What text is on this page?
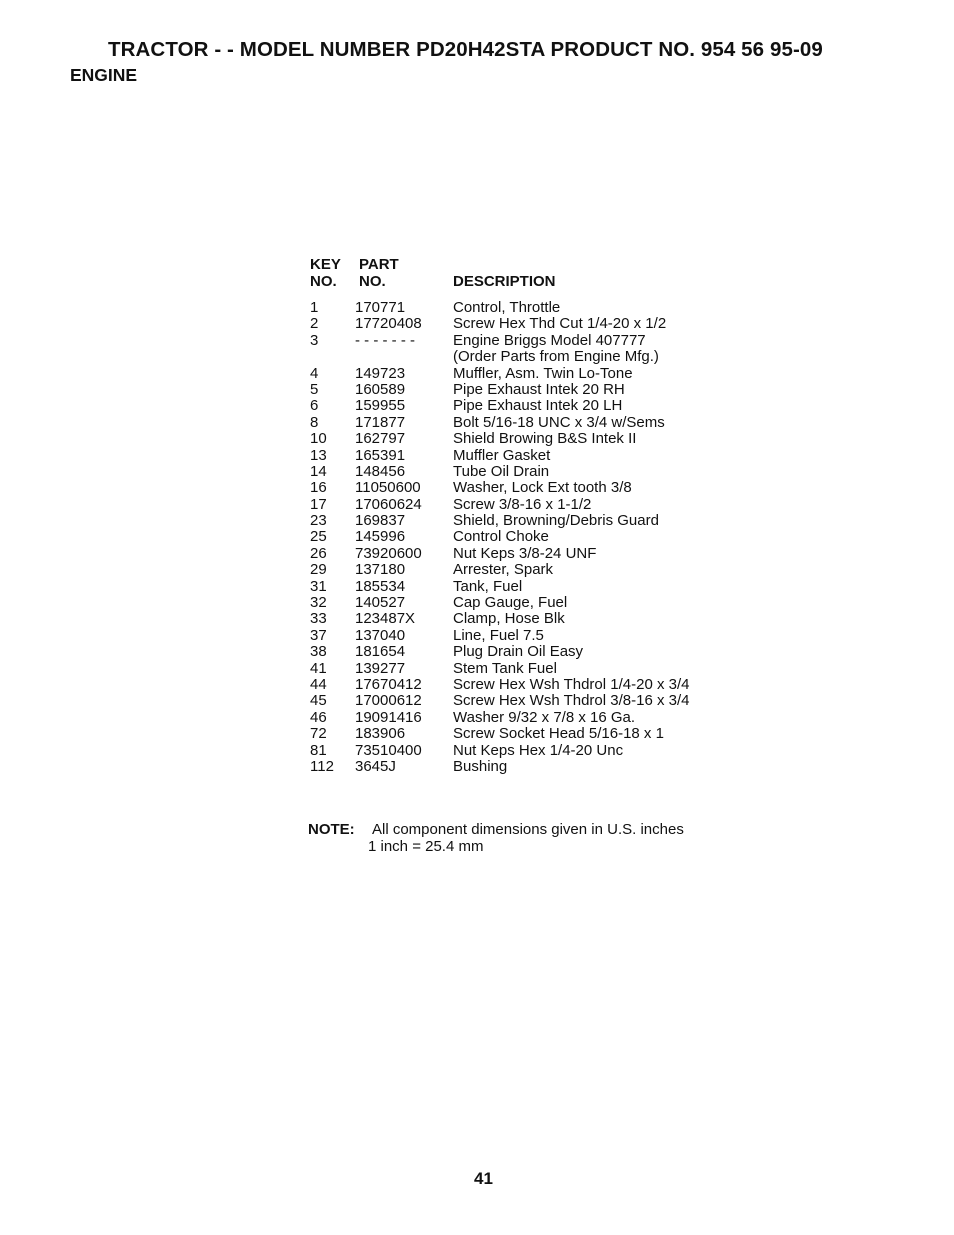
TRACTOR - - MODEL NUMBER PD20H42STA PRODUCT NO. 954 56 95-09
ENGINE
KEY
NO.
PART
NO.	DESCRIPTION
1 170771	Control, Throttle
2 17720408 Screw Hex Thd Cut 1/4-20 x 1/2
3 - - - - - - -	Engine Briggs Model 407777
(Order Parts from Engine Mfg.)
4 149723	Muffler, Asm. Twin Lo-Tone
5 160589	Pipe Exhaust Intek 20 RH
6 159955	Pipe Exhaust Intek 20 LH
8 171877	Bolt 5/16-18 UNC x 3/4 w/Sems
10 162797	Shield Browing B&S Intek II
13 165391	Muffler Gasket
14 148456	Tube Oil Drain
16 11050600 Washer, Lock Ext tooth 3/8
17 17060624 Screw 3/8-16 x 1-1/2
23 169837	Shield, Browning/Debris Guard
25 145996	Control Choke
26 73920600 Nut Keps 3/8-24 UNF
29 137180	Arrester, Spark
31 185534	Tank, Fuel
32 140527	Cap Gauge, Fuel
33 123487X	Clamp, Hose Blk
37 137040	Line, Fuel 7.5
38 181654	Plug Drain Oil Easy
41 139277	Stem Tank Fuel
44 17670412 Screw Hex Wsh Thdrol 1/4-20 x 3/4
45 17000612 Screw Hex Wsh Thdrol 3/8-16 x 3/4
46 19091416 Washer 9/32 x 7/8 x 16 Ga.
72 183906	Screw Socket Head 5/16-18 x 1
81 73510400 Nut Keps Hex 1/4-20 Unc
112 3645J	Bushing
NOTE: All component dimensions given in U.S. inches
1 inch = 25.4 mm
41
